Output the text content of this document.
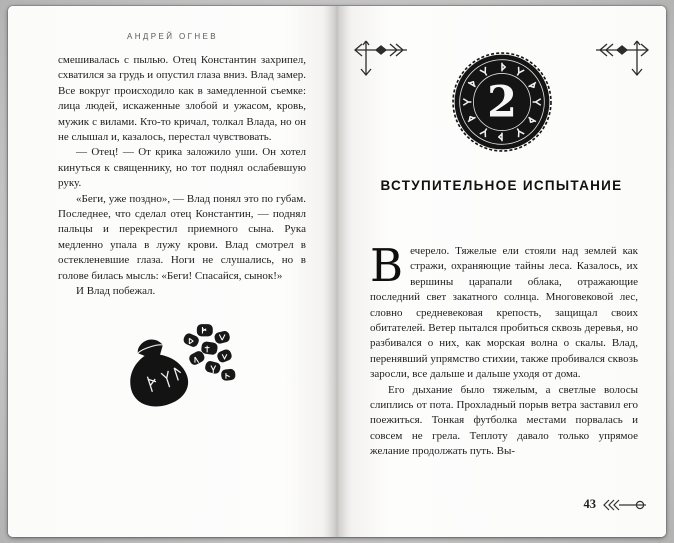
АНДРЕЙ ОГНЕВ

смешивалась с пылью. Отец Константин захрипел, схватился за грудь и опустил глаза вниз. Влад замер. Все вокруг происходило как в замедленной съемке: лица людей, искаженные злобой и ужасом, кровь, мужик с вилами. Кто-то кричал, толкал Влада, но он не слышал и, казалось, перестал чувствовать.

— Отец! — От крика заложило уши. Он хотел кинуться к священнику, но тот поднял ослабевшую руку.

«Беги, уже поздно», — Влад понял это по губам. Последнее, что сделал отец Константин, — поднял пальцы и перекрестил приемного сына. Рука медленно упала в лужу крови. Влад смотрел в остекленевшие глаза. Ноги не слушались, но в голове билась мысль: «Беги! Спасайся, сынок!»

И Влад побежал.

2
ВСТУПИТЕЛЬНОЕ ИСПЫТАНИЕ

Вечерело. Тяжелые ели стояли над землей как стражи, охраняющие тайны леса. Казалось, их вершины царапали облака, отражающие последний свет закатного солнца. Многовековой лес, словно средневековая крепость, защищал своих обитателей. Ветер пытался пробиться сквозь деревья, но разбивался о них, как морская волна о скалы. Влад, перенявший упрямство стихии, также пробивался сквозь заросли, все дальше и дальше уходя от дома.

Его дыхание было тяжелым, а светлые волосы слиплись от пота. Прохладный порыв ветра заставил его поежиться. Тонкая футболка местами порвалась и совсем не грела. Теплоту давало только упрямое желание продолжать путь. Вы-

43
